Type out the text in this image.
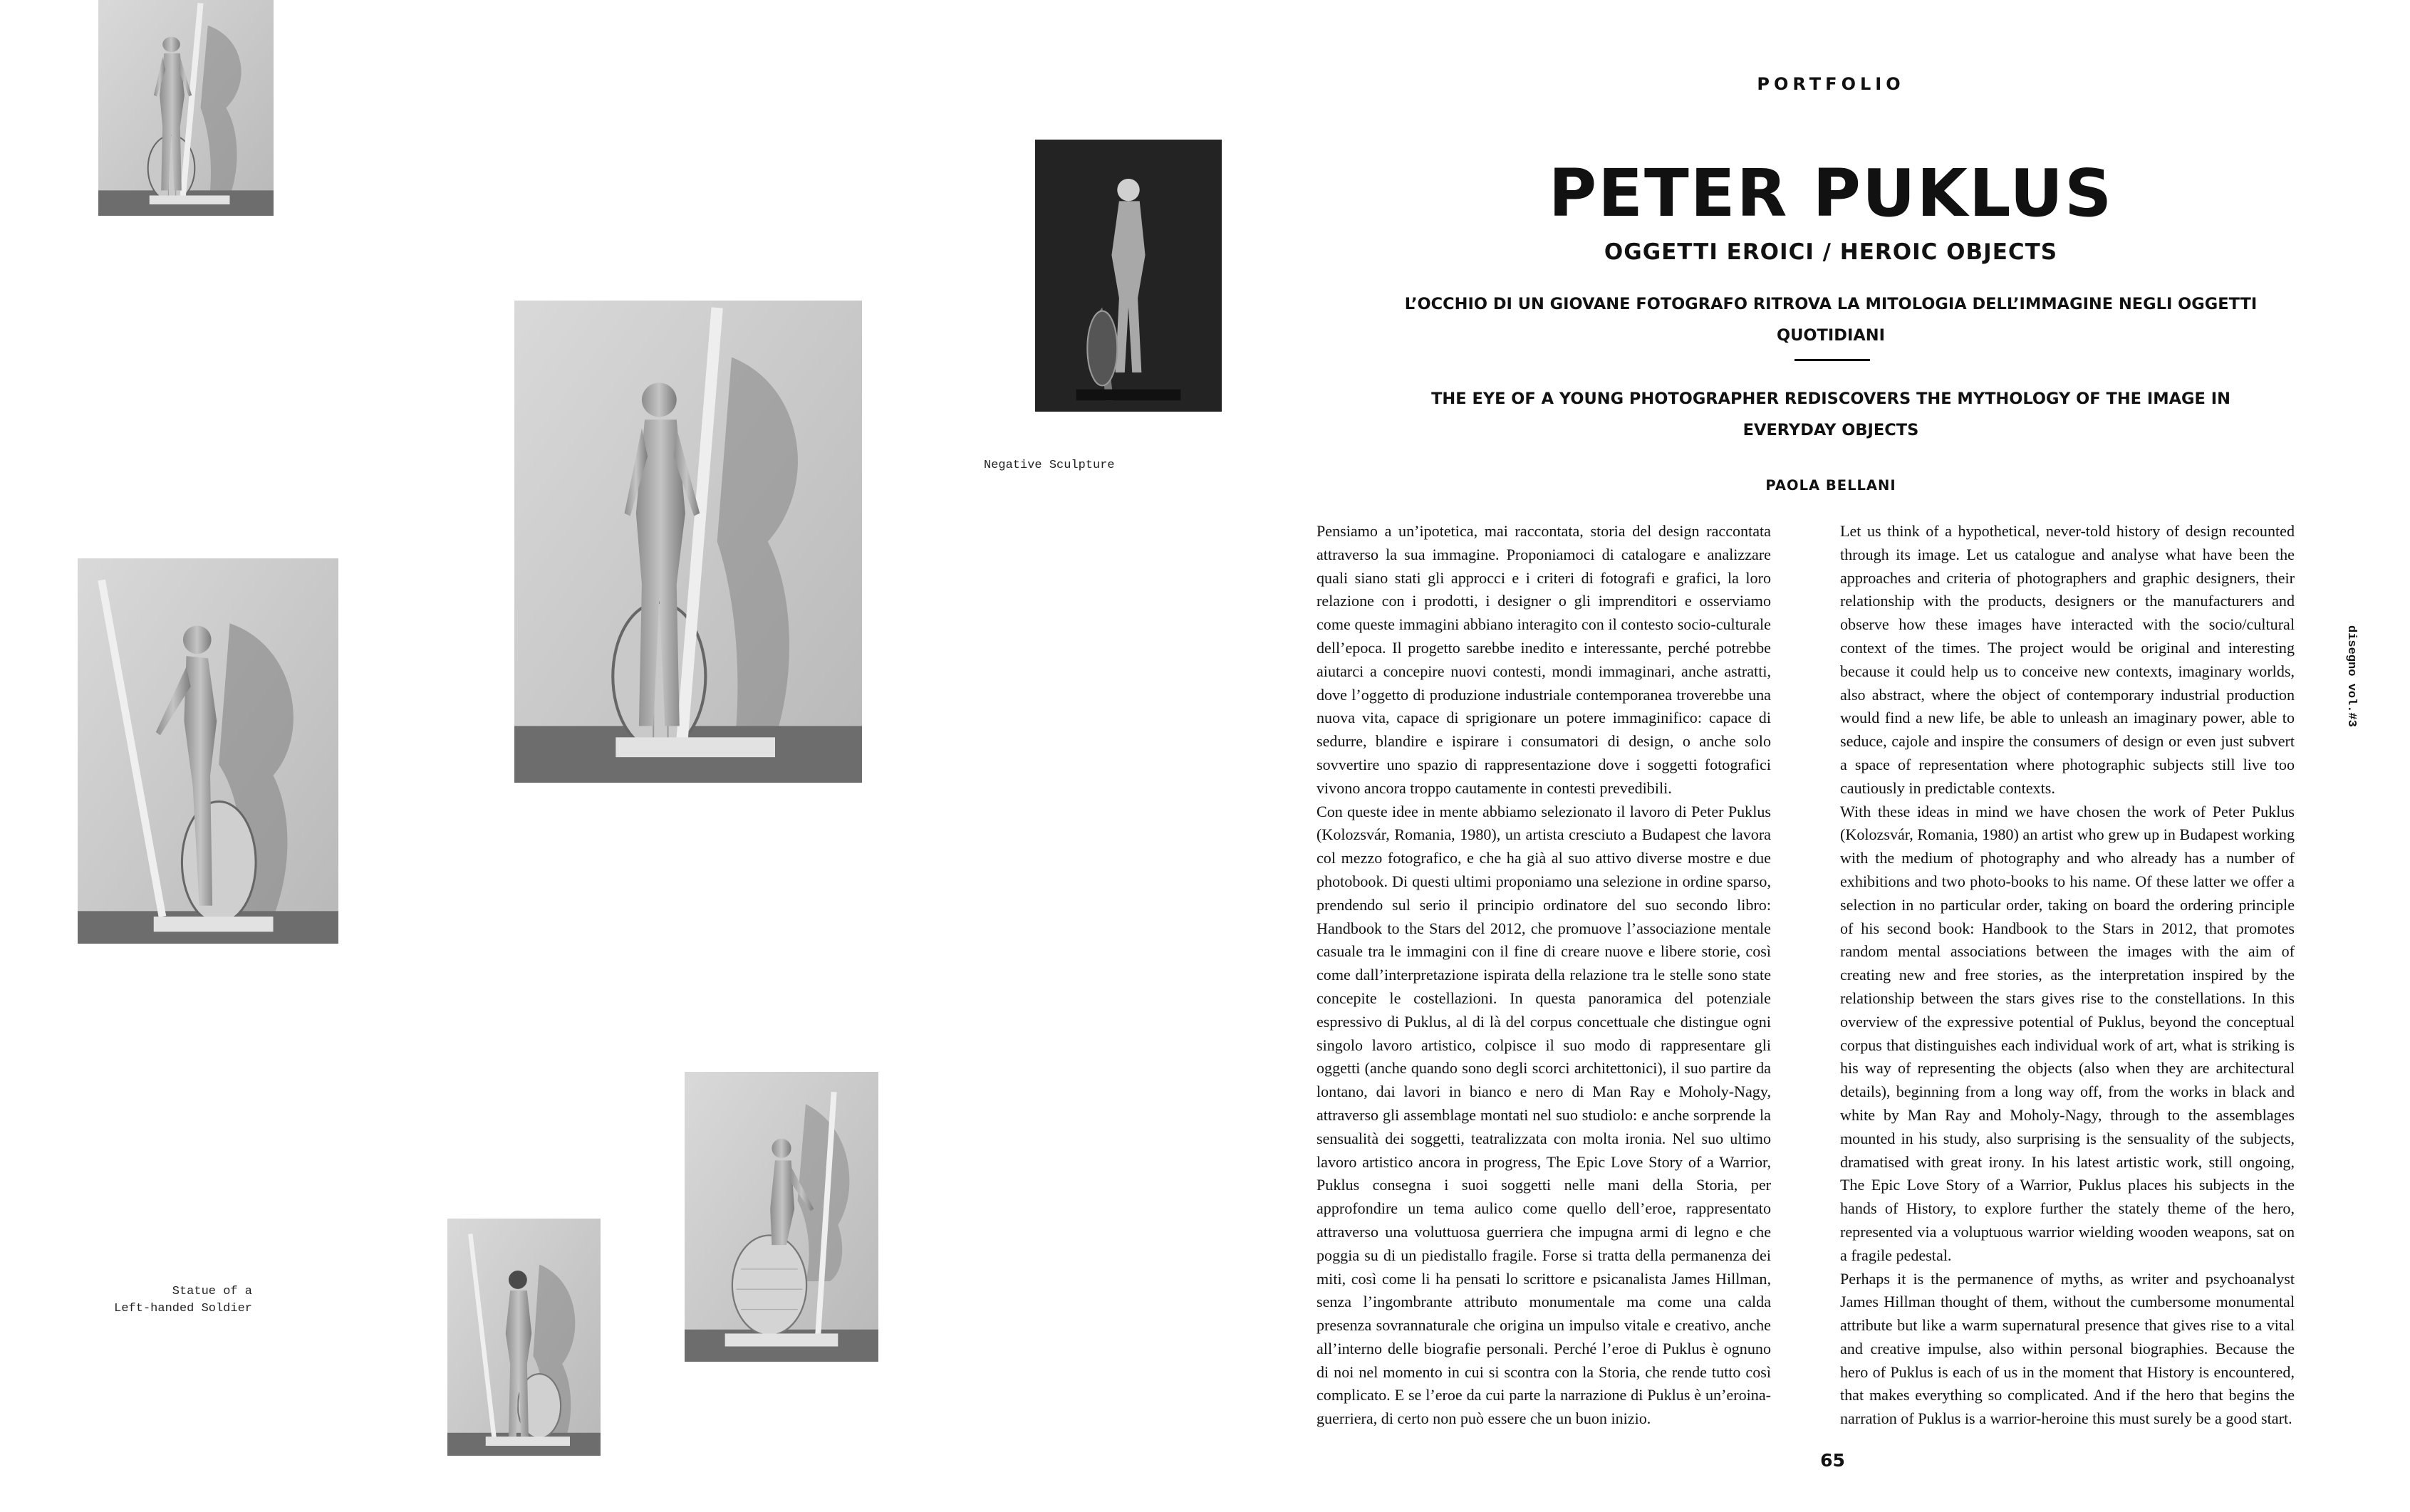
Negative Sculpture
Statue of a
Left-handed Soldier
PORTFOLIO
PETER PUKLUS
OGGETTI EROICI / HEROIC OBJECTS
L’OCCHIO DI UN GIOVANE FOTOGRAFO RITROVA LA MITOLOGIA DELL’IMMAGINE NEGLI OGGETTI QUOTIDIANI
THE EYE OF A YOUNG PHOTOGRAPHER REDISCOVERS THE MYTHOLOGY OF THE IMAGE IN EVERYDAY OBJECTS
PAOLA BELLANI

Pensiamo a un’ipotetica, mai raccontata, storia del design raccontata attraverso la sua immagine. Proponiamoci di catalogare e analizzare quali siano stati gli approcci e i criteri di fotografi e grafici, la loro relazione con i prodotti, i designer o gli imprenditori e osserviamo come queste immagini abbiano interagito con il contesto socio-culturale dell’epoca. Il progetto sarebbe inedito e interessante, perché potrebbe aiutarci a concepire nuovi contesti, mondi immaginari, anche astratti, dove l’oggetto di produzione industriale contemporanea troverebbe una nuova vita, capace di sprigionare un potere immaginifico: capace di sedurre, blandire e ispirare i consumatori di design, o anche solo sovvertire uno spazio di rappresentazione dove i soggetti fotografici vivono ancora troppo cautamente in contesti prevedibili.

Con queste idee in mente abbiamo selezionato il lavoro di Peter Puklus (Kolozsvár, Romania, 1980), un artista cresciuto a Budapest che lavora col mezzo fotografico, e che ha già al suo attivo diverse mostre e due photobook. Di questi ultimi proponiamo una selezione in ordine sparso, prendendo sul serio il principio ordinatore del suo secondo libro: Handbook to the Stars del 2012, che promuove l’associazione mentale casuale tra le immagini con il fine di creare nuove e libere storie, così come dall’interpretazione ispirata della relazione tra le stelle sono state concepite le costellazioni. In questa panoramica del potenziale espressivo di Puklus, al di là del corpus concettuale che distingue ogni singolo lavoro artistico, colpisce il suo modo di rappresentare gli oggetti (anche quando sono degli scorci architettonici), il suo partire da lontano, dai lavori in bianco e nero di Man Ray e Moholy-Nagy, attraverso gli assemblage montati nel suo studiolo: e anche sorprende la sensualità dei soggetti, teatralizzata con molta ironia. Nel suo ultimo lavoro artistico ancora in progress, The Epic Love Story of a Warrior, Puklus consegna i suoi soggetti nelle mani della Storia, per approfondire un tema aulico come quello dell’eroe, rappresentato attraverso una voluttuosa guerriera che impugna armi di legno e che poggia su di un piedistallo fragile. Forse si tratta della permanenza dei miti, così come li ha pensati lo scrittore e psicanalista James Hillman, senza l’ingombrante attributo monumentale ma come una calda presenza sovrannaturale che origina un impulso vitale e creativo, anche all’interno delle biografie personali. Perché l’eroe di Puklus è ognuno di noi nel momento in cui si scontra con la Storia, che rende tutto così complicato. E se l’eroe da cui parte la narrazione di Puklus è un’eroina-guerriera, di certo non può essere che un buon inizio.

Let us think of a hypothetical, never-told history of design recounted through its image. Let us catalogue and analyse what have been the approaches and criteria of photographers and graphic designers, their relationship with the products, designers or the manufacturers and observe how these images have interacted with the socio/cultural context of the times. The project would be original and interesting because it could help us to conceive new contexts, imaginary worlds, also abstract, where the object of contemporary industrial production would find a new life, be able to unleash an imaginary power, able to seduce, cajole and inspire the consumers of design or even just subvert a space of representation where photographic subjects still live too cautiously in predictable contexts.

With these ideas in mind we have chosen the work of Peter Puklus (Kolozsvár, Romania, 1980) an artist who grew up in Budapest working with the medium of photography and who already has a number of exhibitions and two photo-books to his name. Of these latter we offer a selection in no particular order, taking on board the ordering principle of his second book: Handbook to the Stars in 2012, that promotes random mental associations between the images with the aim of creating new and free stories, as the interpretation inspired by the relationship between the stars gives rise to the constellations. In this overview of the expressive potential of Puklus, beyond the conceptual corpus that distinguishes each individual work of art, what is striking is his way of representing the objects (also when they are architectural details), beginning from a long way off, from the works in black and white by Man Ray and Moholy-Nagy, through to the assemblages mounted in his study, also surprising is the sensuality of the subjects, dramatised with great irony. In his latest artistic work, still ongoing, The Epic Love Story of a Warrior, Puklus places his subjects in the hands of History, to explore further the stately theme of the hero, represented via a voluptuous warrior wielding wooden weapons, sat on a fragile pedestal.

Perhaps it is the permanence of myths, as writer and psychoanalyst James Hillman thought of them, without the cumbersome monumental attribute but like a warm supernatural presence that gives rise to a vital and creative impulse, also within personal biographies. Because the hero of Puklus is each of us in the moment that History is encountered, that makes everything so complicated. And if the hero that begins the narration of Puklus is a warrior-heroine this must surely be a good start.

disegno vol.#3
65
